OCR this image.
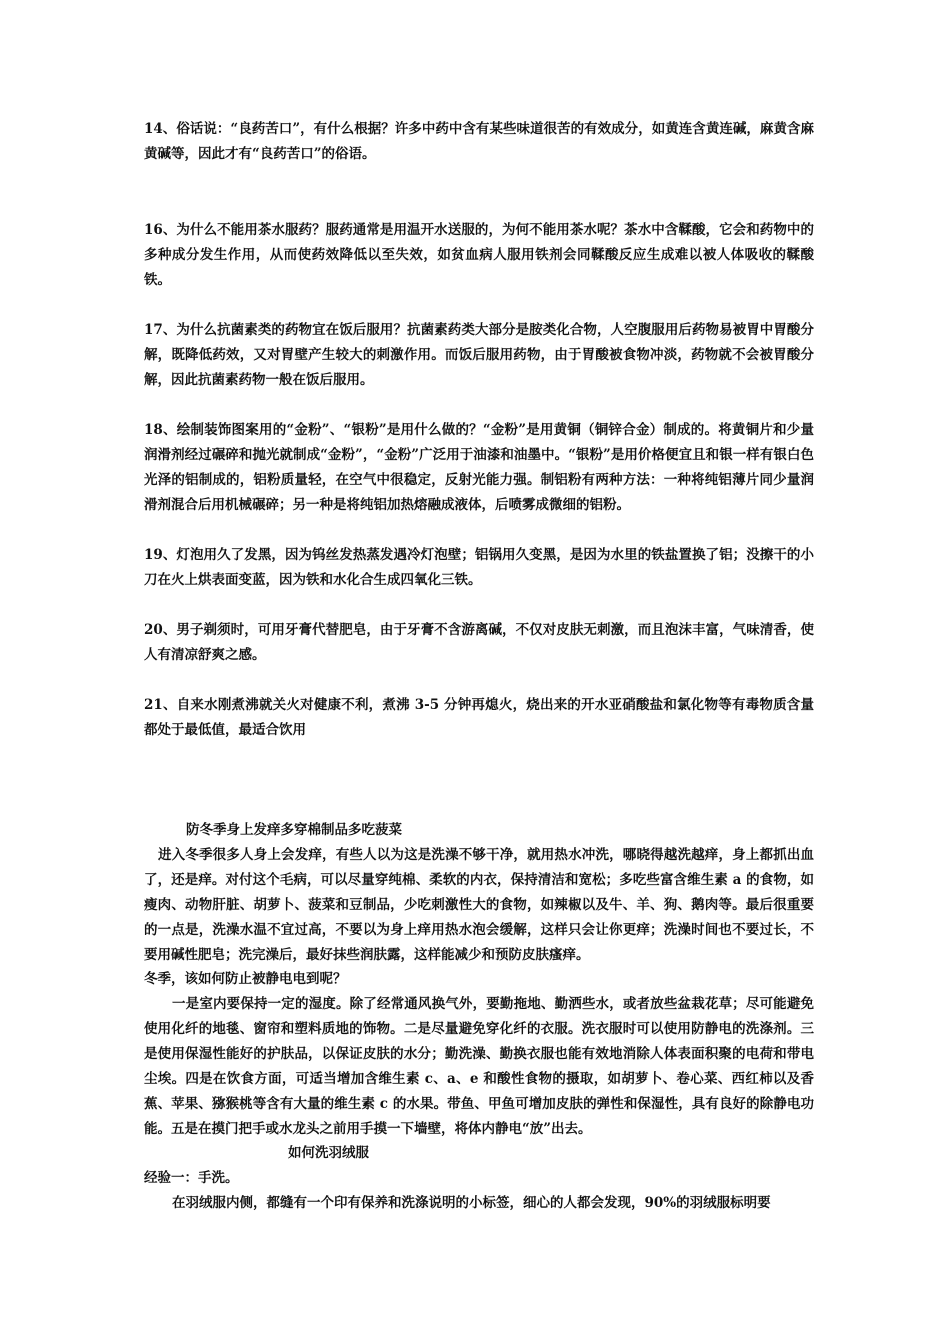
14、俗话说：“良药苦口”，有什么根据？许多中药中含有某些味道很苦的有效成分，如黄连含黄连碱，麻黄含麻黄碱等，因此才有“良药苦口”的俗语。

16、为什么不能用茶水服药？服药通常是用温开水送服的，为何不能用茶水呢？茶水中含鞣酸，它会和药物中的多种成分发生作用，从而使药效降低以至失效，如贫血病人服用铁剂会同鞣酸反应生成难以被人体吸收的鞣酸铁。

17、为什么抗菌素类的药物宜在饭后服用？抗菌素药类大部分是胺类化合物，人空腹服用后药物易被胃中胃酸分解，既降低药效，又对胃壁产生较大的刺激作用。而饭后服用药物，由于胃酸被食物冲淡，药物就不会被胃酸分解，因此抗菌素药物一般在饭后服用。

18、绘制装饰图案用的“金粉”、“银粉”是用什么做的？“金粉”是用黄铜（铜锌合金）制成的。将黄铜片和少量润滑剂经过碾碎和抛光就制成“金粉”，“金粉”广泛用于油漆和油墨中。“银粉”是用价格便宜且和银一样有银白色光泽的铝制成的，铝粉质量轻，在空气中很稳定，反射光能力强。制铝粉有两种方法：一种将纯铝薄片同少量润滑剂混合后用机械碾碎；另一种是将纯铝加热熔融成液体，后喷雾成微细的铝粉。

19、灯泡用久了发黑，因为钨丝发热蒸发遇冷灯泡壁；铝锅用久变黑，是因为水里的铁盐置换了铝；没擦干的小刀在火上烘表面变蓝，因为铁和水化合生成四氧化三铁。

20、男子剃须时，可用牙膏代替肥皂，由于牙膏不含游离碱，不仅对皮肤无刺激，而且泡沫丰富，气味清香，使人有清凉舒爽之感。

21、自来水刚煮沸就关火对健康不利，煮沸 3-5 分钟再熄火，烧出来的开水亚硝酸盐和氯化物等有毒物质含量都处于最低值，最适合饮用

防冬季身上发痒多穿棉制品多吃菠菜

进入冬季很多人身上会发痒，有些人以为这是洗澡不够干净，就用热水冲洗，哪晓得越洗越痒，身上都抓出血了，还是痒。对付这个毛病，可以尽量穿纯棉、柔软的内衣，保持清洁和宽松；多吃些富含维生素 a 的食物，如瘦肉、动物肝脏、胡萝卜、菠菜和豆制品，少吃刺激性大的食物，如辣椒以及牛、羊、狗、鹅肉等。最后很重要的一点是，洗澡水温不宜过高，不要以为身上痒用热水泡会缓解，这样只会让你更痒；洗澡时间也不要过长，不要用碱性肥皂；洗完澡后，最好抹些润肤露，这样能减少和预防皮肤瘙痒。

冬季，该如何防止被静电电到呢？

一是室内要保持一定的湿度。除了经常通风换气外，要勤拖地、勤洒些水，或者放些盆栽花草；尽可能避免使用化纤的地毯、窗帘和塑料质地的饰物。二是尽量避免穿化纤的衣服。洗衣服时可以使用防静电的洗涤剂。三是使用保湿性能好的护肤品，以保证皮肤的水分；勤洗澡、勤换衣服也能有效地消除人体表面积聚的电荷和带电尘埃。四是在饮食方面，可适当增加含维生素 c、a、e 和酸性食物的摄取，如胡萝卜、卷心菜、西红柿以及香蕉、苹果、猕猴桃等含有大量的维生素 c 的水果。带鱼、甲鱼可增加皮肤的弹性和保湿性，具有良好的除静电功能。五是在摸门把手或水龙头之前用手摸一下墙壁，将体内静电“放”出去。

如何洗羽绒服
经验一：手洗。

在羽绒服内侧，都缝有一个印有保养和洗涤说明的小标签，细心的人都会发现，90%的羽绒服标明要
